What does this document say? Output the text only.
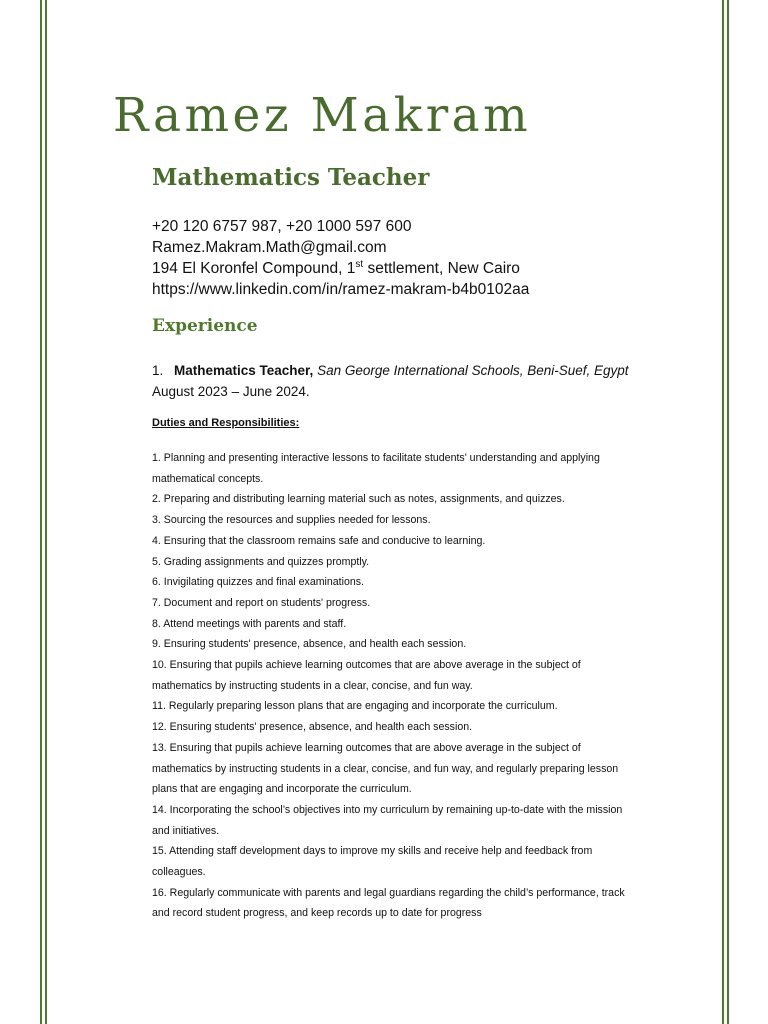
Ramez Makram
Mathematics Teacher
+20 120 6757 987, +20 1000 597 600
Ramez.Makram.Math@gmail.com
194 El Koronfel Compound, 1st settlement, New Cairo
https://www.linkedin.com/in/ramez-makram-b4b0102aa
Experience
1. Mathematics Teacher, San George International Schools, Beni-Suef, Egypt
August 2023 – June 2024.
Duties and Responsibilities:
1. Planning and presenting interactive lessons to facilitate students' understanding and applying mathematical concepts.
2. Preparing and distributing learning material such as notes, assignments, and quizzes.
3. Sourcing the resources and supplies needed for lessons.
4. Ensuring that the classroom remains safe and conducive to learning.
5. Grading assignments and quizzes promptly.
6. Invigilating quizzes and final examinations.
7. Document and report on students' progress.
8. Attend meetings with parents and staff.
9. Ensuring students' presence, absence, and health each session.
10. Ensuring that pupils achieve learning outcomes that are above average in the subject of mathematics by instructing students in a clear, concise, and fun way.
11. Regularly preparing lesson plans that are engaging and incorporate the curriculum.
12. Ensuring students' presence, absence, and health each session.
13. Ensuring that pupils achieve learning outcomes that are above average in the subject of mathematics by instructing students in a clear, concise, and fun way, and regularly preparing lesson plans that are engaging and incorporate the curriculum.
14. Incorporating the school’s objectives into my curriculum by remaining up-to-date with the mission and initiatives.
15. Attending staff development days to improve my skills and receive help and feedback from colleagues.
16. Regularly communicate with parents and legal guardians regarding the child’s performance, track and record student progress, and keep records up to date for progress
